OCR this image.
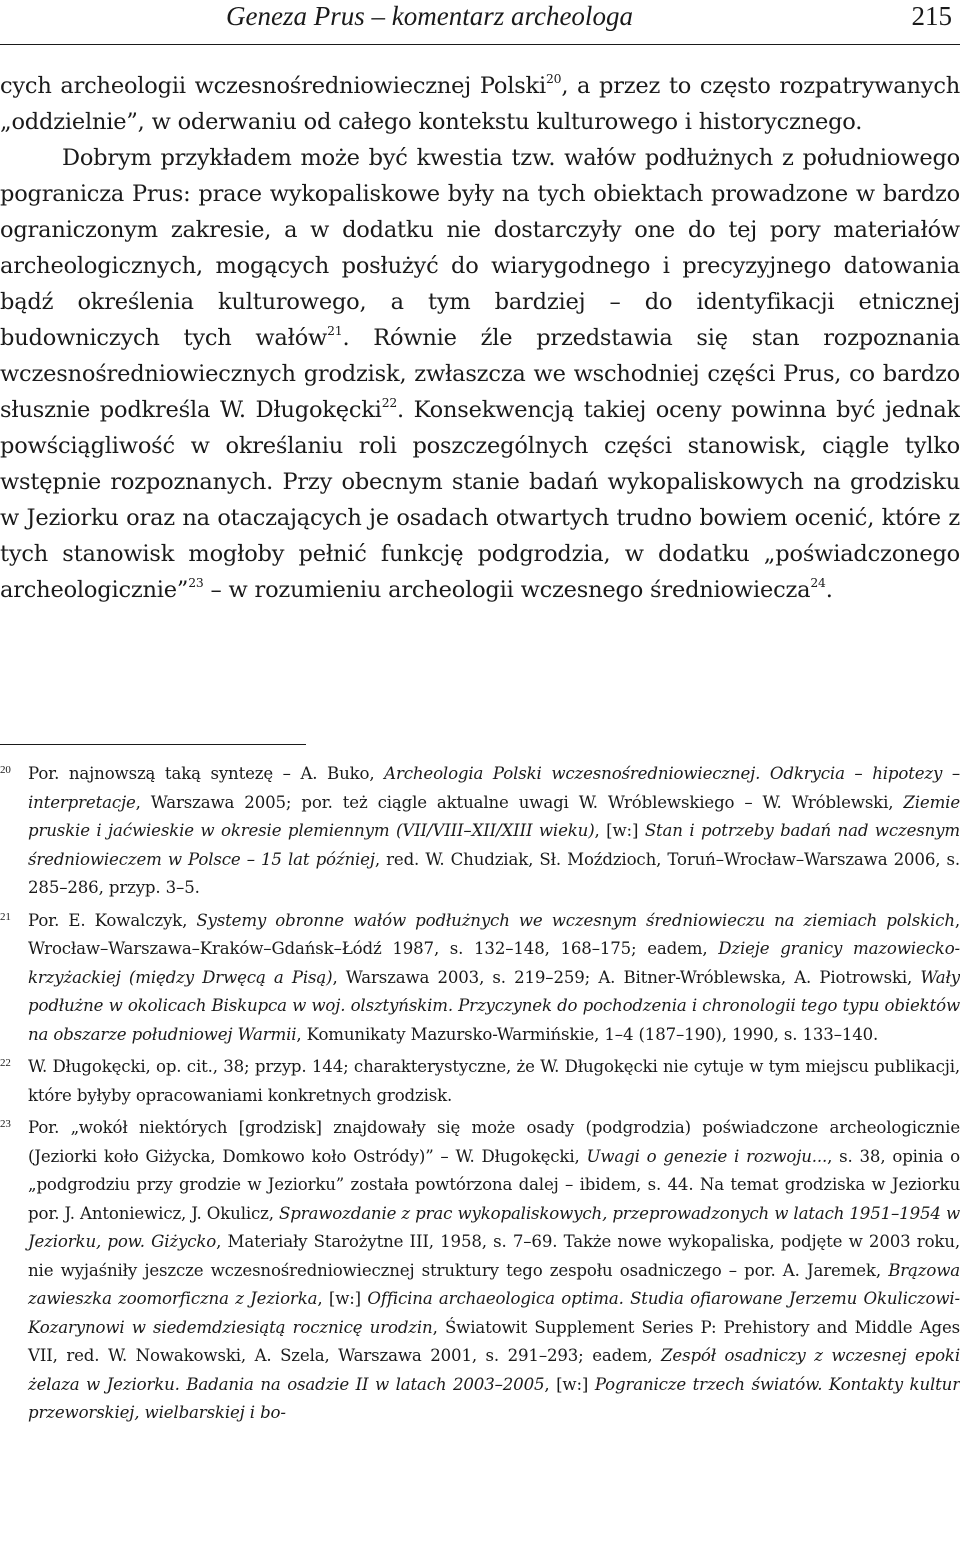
Geneza Prus – komentarz archeologa	215

cych archeologii wczesnośredniowiecznej Polski$^{20}$, a przez to często rozpatrywanych „oddzielnie”, w oderwaniu od całego kontekstu kulturowego i historycznego.

Dobrym przykładem może być kwestia tzw. wałów podłużnych z południowego pogranicza Prus: prace wykopaliskowe były na tych obiektach prowadzone w bardzo ograniczonym zakresie, a w dodatku nie dostarczyły one do tej pory materiałów archeologicznych, mogących posłużyć do wiarygodnego i precyzyjnego datowania bądź określenia kulturowego, a tym bardziej – do identyfikacji etnicznej budowniczych tych wałów$^{21}$. Równie źle przedstawia się stan rozpoznania wczesnośredniowiecznych grodzisk, zwłaszcza we wschodniej części Prus, co bardzo słusznie podkreśla W. Długokęcki$^{22}$. Konsekwencją takiej oceny powinna być jednak powściągliwość w określaniu roli poszczególnych części stanowisk, ciągle tylko wstępnie rozpoznanych. Przy obecnym stanie badań wykopaliskowych na grodzisku w Jeziorku oraz na otaczających je osadach otwartych trudno bowiem ocenić, które z tych stanowisk mogłoby pełnić funkcję podgrodzia, w dodatku „poświadczonego archeologicznie”$^{23}$ – w rozumieniu archeologii wczesnego średniowiecza$^{24}$.

20 Por. najnowszą taką syntezę – A. Buko, Archeologia Polski wczesnośredniowiecznej. Odkrycia – hipotezy – interpretacje, Warszawa 2005; por. też ciągle aktualne uwagi W. Wróblewskiego – W. Wróblewski, Ziemie pruskie i jaćwieskie w okresie plemiennym (VII/VIII–XII/XIII wieku), [w:] Stan i potrzeby badań nad wczesnym średniowieczem w Polsce – 15 lat później, red. W. Chudziak, Sł. Moździoch, Toruń–Wrocław–Warszawa 2006, s. 285–286, przyp. 3–5.
21 Por. E. Kowalczyk, Systemy obronne wałów podłużnych we wczesnym średniowieczu na ziemiach polskich, Wrocław–Warszawa–Kraków–Gdańsk–Łódź 1987, s. 132–148, 168–175; eadem, Dzieje granicy mazowiecko-krzyżackiej (między Drwęcą a Pisą), Warszawa 2003, s. 219–259; A. Bitner-Wróblewska, A. Piotrowski, Wały podłużne w okolicach Biskupca w woj. olsztyńskim. Przyczynek do pochodzenia i chronologii tego typu obiektów na obszarze południowej Warmii, Komunikaty Mazursko-Warmińskie, 1–4 (187–190), 1990, s. 133–140.
22 W. Długokęcki, op. cit., 38; przyp. 144; charakterystyczne, że W. Długokęcki nie cytuje w tym miejscu publikacji, które byłyby opracowaniami konkretnych grodzisk.
23 Por. „wokół niektórych [grodzisk] znajdowały się może osady (podgrodzia) poświadczone archeologicznie (Jeziorki koło Giżycka, Domkowo koło Ostródy)” – W. Długokęcki, Uwagi o genezie i rozwoju..., s. 38, opinia o „podgrodziu przy grodzie w Jeziorku” została powtórzona dalej – ibidem, s. 44. Na temat grodziska w Jeziorku por. J. Antoniewicz, J. Okulicz, Sprawozdanie z prac wykopaliskowych, przeprowadzonych w latach 1951–1954 w Jeziorku, pow. Giżycko, Materiały Starożytne III, 1958, s. 7–69. Także nowe wykopaliska, podjęte w 2003 roku, nie wyjaśniły jeszcze wczesnośredniowiecznej struktury tego zespołu osadniczego – por. A. Jaremek, Brązowa zawieszka zoomorficzna z Jeziorka, [w:] Officina archaeologica optima. Studia ofiarowane Jerzemu Okuliczowi-Kozarynowi w siedemdziesiątą rocznicę urodzin, Światowit Supplement Series P: Prehistory and Middle Ages VII, red. W. Nowakowski, A. Szela, Warszawa 2001, s. 291–293; eadem, Zespół osadniczy z wczesnej epoki żelaza w Jeziorku. Badania na osadzie II w latach 2003–2005, [w:] Pogranicze trzech światów. Kontakty kultur przeworskiej, wielbarskiej i bo-
